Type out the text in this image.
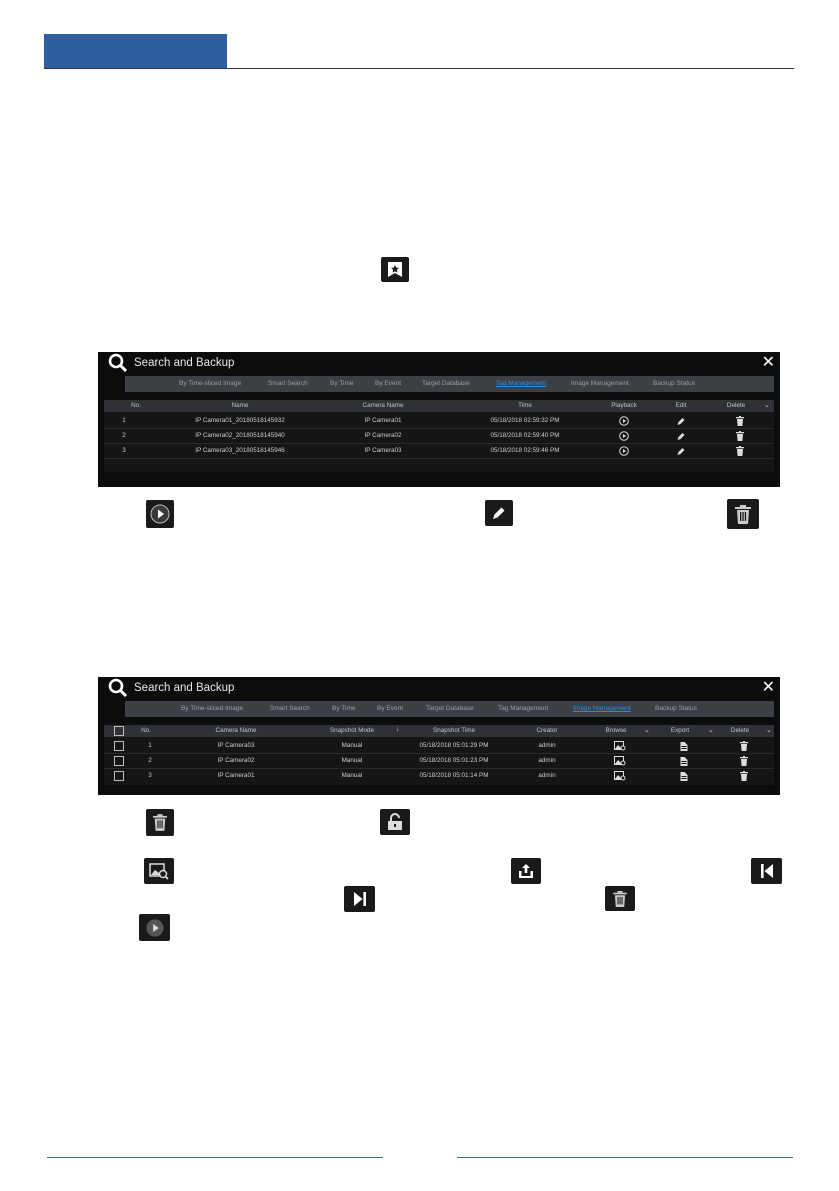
Search and Backup	✕
By Time-sliced Image	Smart Search	By Time	By Event	Target Database	Tag Management	Image Management	Backup Status
No.	Name	Camera Name	Time	Playback	Edit	Delete	⌄
1	IP Camera01_20180518145932	IP Camera01	05/18/2018 02:59:32 PM
2	IP Camera02_20180518145940	IP Camera02	05/18/2018 02:59:40 PM
3	IP Camera03_20180518145946	IP Camera03	05/18/2018 02:59:46 PM
Search and Backup	✕
By Time-sliced Image	Smart Search	By Time	By Event	Target Database	Tag Management	Image Management	Backup Status
No.	Camera Name	Snapshot Mode	↓	Snapshot Time	Creator	Browse	⌄	Export	⌄	Delete ⌄
1	IP Camera03	Manual	05/18/2018 05:01:29 PM	admin
2	IP Camera02	Manual	05/18/2018 05:01:23 PM	admin
3	IP Camera01	Manual	05/18/2018 05:01:14 PM	admin
